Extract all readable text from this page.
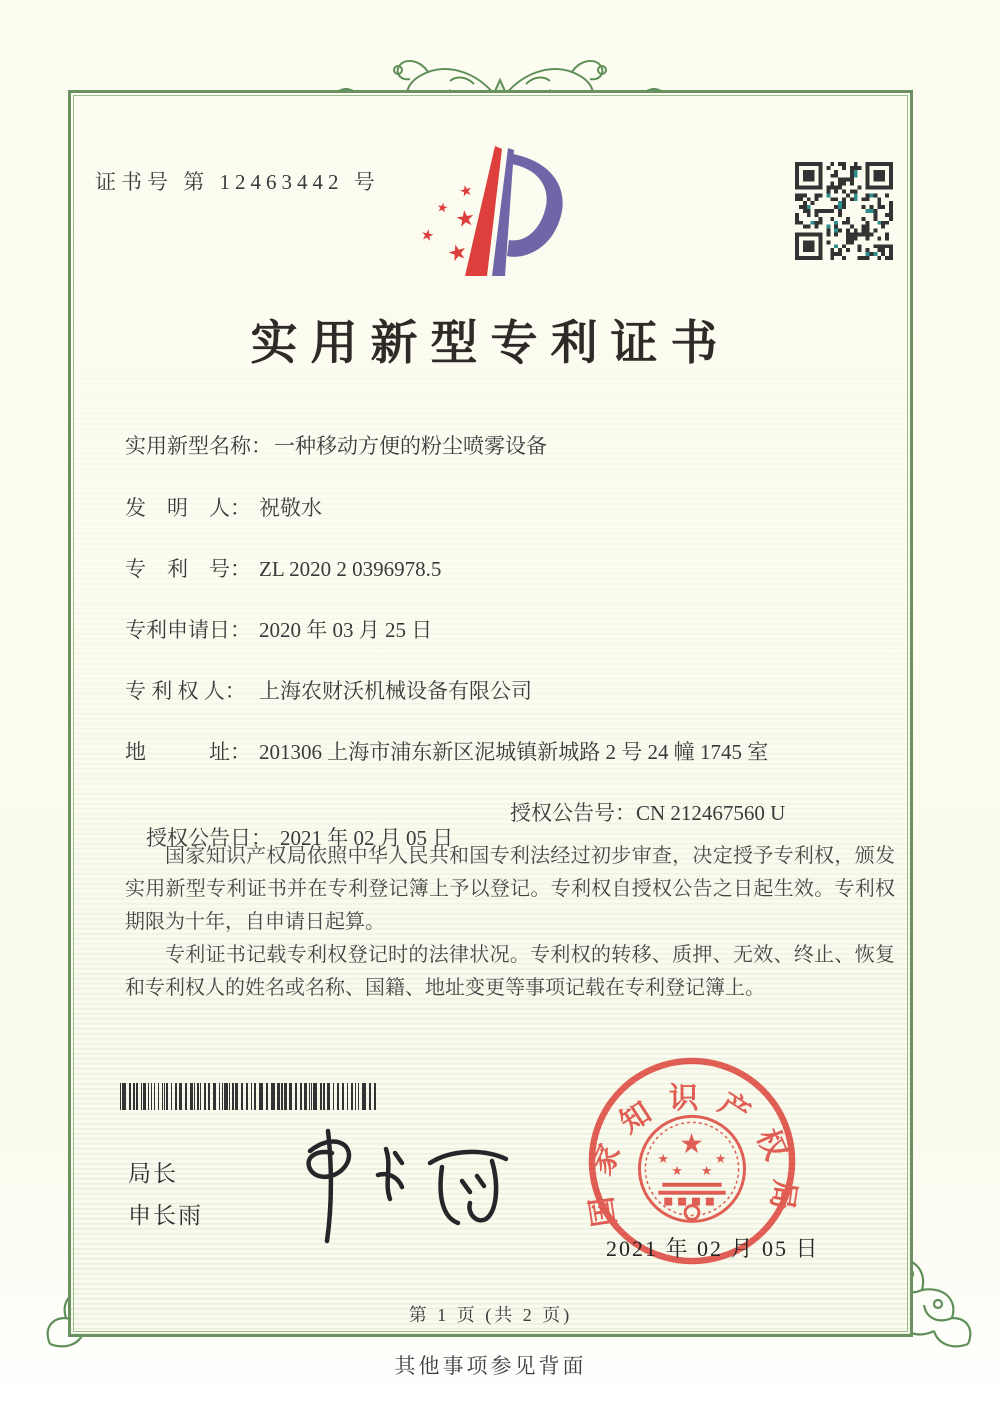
证书号 第 12463442 号	★
★ ★
★
★
实用新型专利证书
实用新型名称：一种移动方便的粉尘喷雾设备
发　明　人： 祝敬水
专　利　号： ZL 2020 2 0396978.5
专利申请日： 2020 年 03 月 25 日
专 利 权 人： 上海农财沃机械设备有限公司
地　　　址： 201306 上海市浦东新区泥城镇新城路 2 号 24 幢 1745 室

授权公告日： 2021 年 02 月 05 日

授权公告号：CN 212467560 U

国家知识产权局依照中华人民共和国专利法经过初步审查，决定授予专利权，颁发实用新型专利证书并在专利登记簿上予以登记。专利权自授权公告之日起生效。专利权期限为十年，自申请日起算。

专利证书记载专利权登记时的法律状况。专利权的转移、质押、无效、终止、恢复和专利权人的姓名或名称、国籍、地址变更等事项记载在专利登记簿上。

局长
申长雨	国家知识产权局
★
★
★ ★
★
2021 年 02 月 05 日
第 1 页 (共 2 页)
其他事项参见背面
